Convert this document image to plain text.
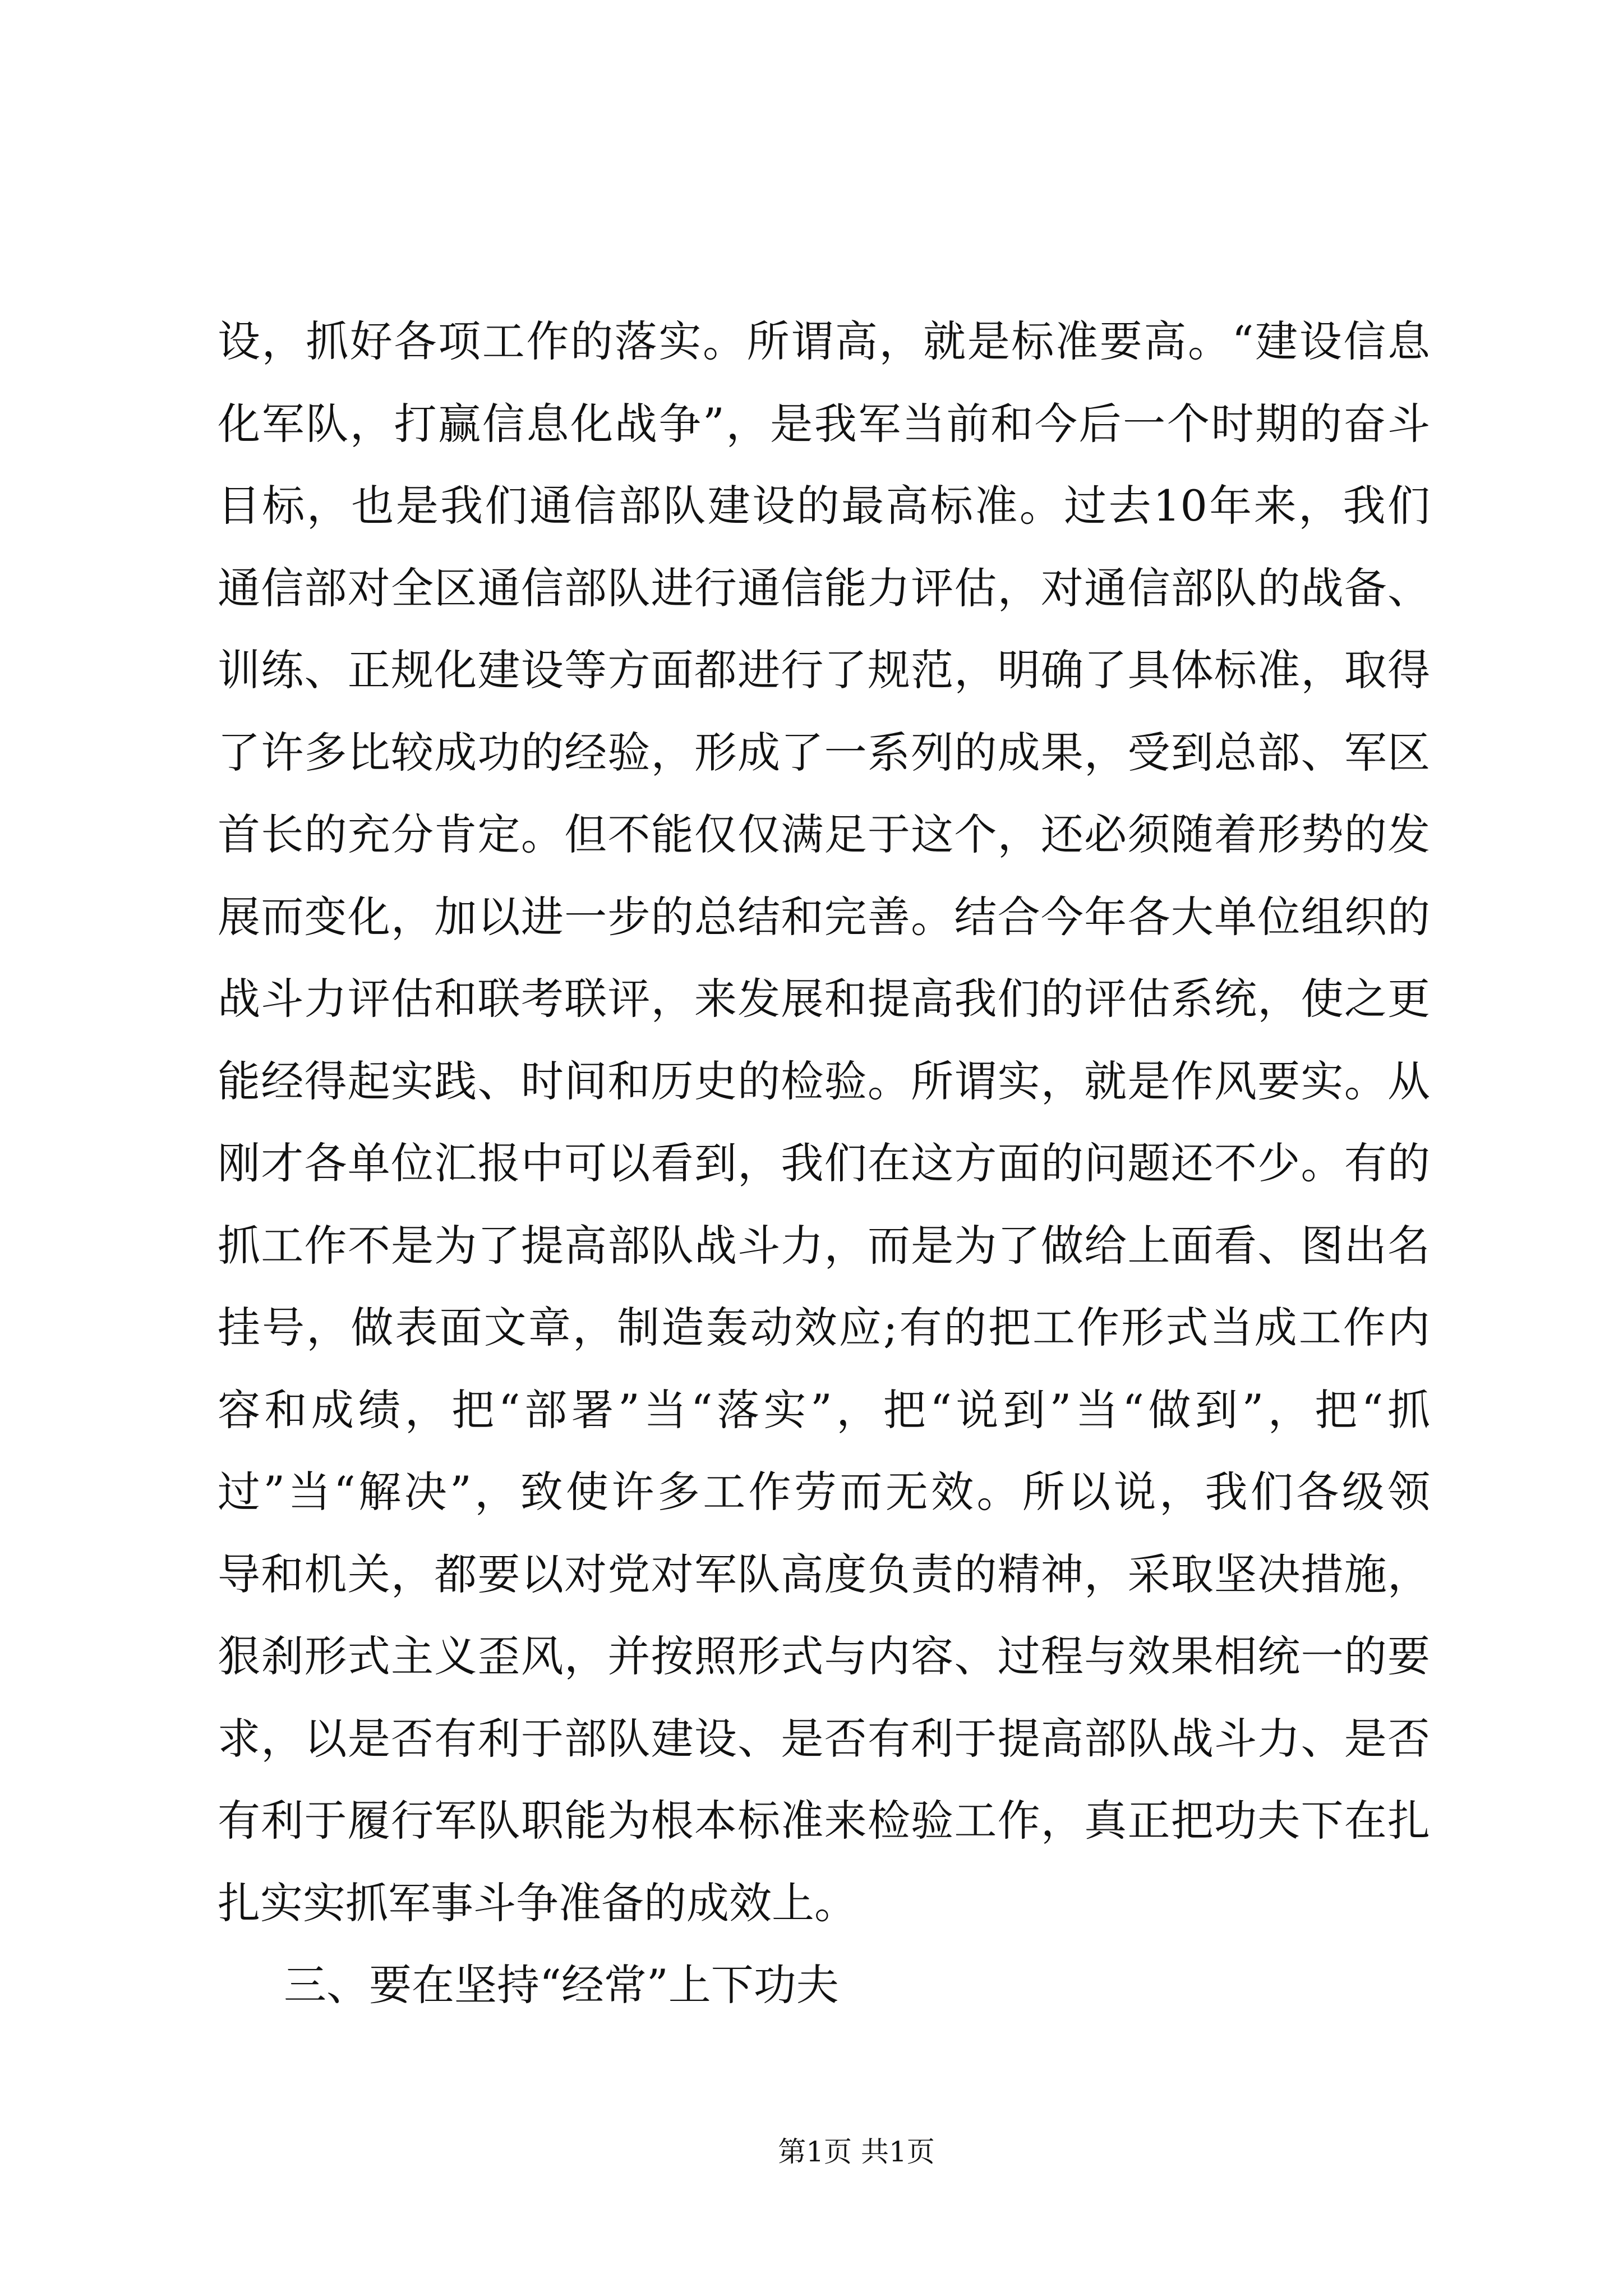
设，抓好各项工作的落实。所谓高，就是标准要高。“建设信息
化军队，打赢信息化战争”，是我军当前和今后一个时期的奋斗
目标，也是我们通信部队建设的最高标准。过去10年来，我们
通信部对全区通信部队进行通信能力评估，对通信部队的战备、
训练、正规化建设等方面都进行了规范，明确了具体标准，取得
了许多比较成功的经验，形成了一系列的成果，受到总部、军区
首长的充分肯定。但不能仅仅满足于这个，还必须随着形势的发
展而变化，加以进一步的总结和完善。结合今年各大单位组织的
战斗力评估和联考联评，来发展和提高我们的评估系统，使之更
能经得起实践、时间和历史的检验。所谓实，就是作风要实。从
刚才各单位汇报中可以看到，我们在这方面的问题还不少。有的
抓工作不是为了提高部队战斗力，而是为了做给上面看、图出名
挂号，做表面文章，制造轰动效应;有的把工作形式当成工作内
容和成绩，把“部署”当“落实”，把“说到”当“做到”，把“抓
过”当“解决”，致使许多工作劳而无效。所以说，我们各级领
导和机关，都要以对党对军队高度负责的精神，采取坚决措施，
狠刹形式主义歪风，并按照形式与内容、过程与效果相统一的要
求，以是否有利于部队建设、是否有利于提高部队战斗力、是否
有利于履行军队职能为根本标准来检验工作，真正把功夫下在扎
扎实实抓军事斗争准备的成效上。
三、要在坚持“经常”上下功夫
第1页 共1页
